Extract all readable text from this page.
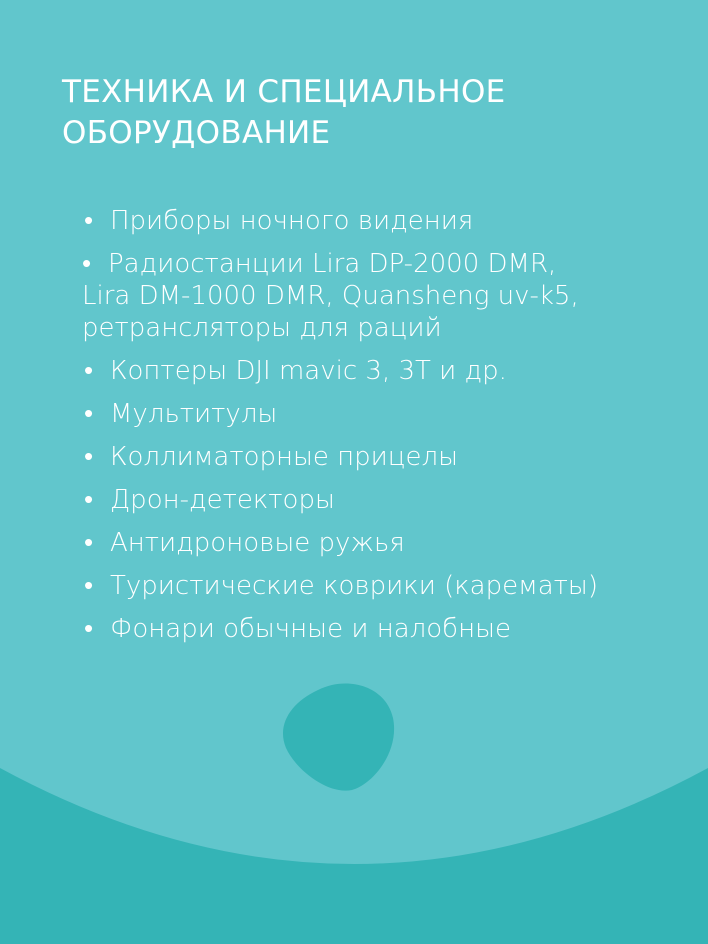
ТЕХНИКА И СПЕЦИАЛЬНОЕ
ОБОРУДОВАНИЕ
• Приборы ночного видения
• Радиостанции Lira DP-2000 DMR,
Lira DM-1000 DMR, Quansheng uv-k5,
ретрансляторы для раций
• Коптеры DJI mavic 3, 3T и др.
• Мультитулы
• Коллиматорные прицелы
• Дрон-детекторы
• Антидроновые ружья
• Туристические коврики (карематы)
• Фонари обычные и налобные
